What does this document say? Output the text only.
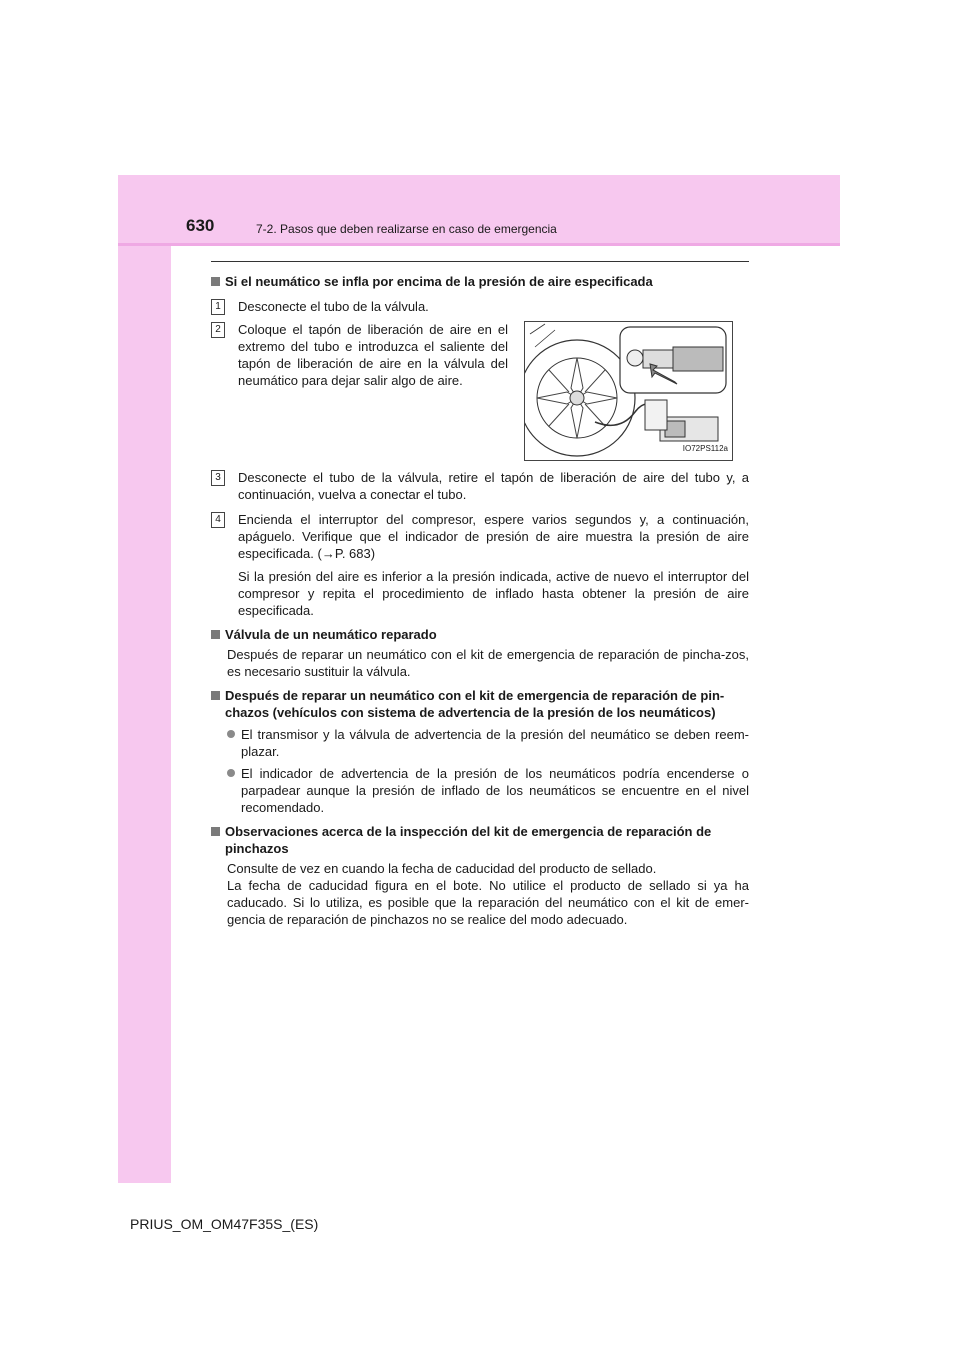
630	7-2. Pasos que deben realizarse en caso de emergencia
Si el neumático se infla por encima de la presión de aire especificada
1	Desconecte el tubo de la válvula.
2	Coloque el tapón de liberación de aire en el extremo del tubo e introduzca el saliente del tapón de liberación de aire en la válvula del neumático para dejar salir algo de aire.
IO72PS112a
3	Desconecte el tubo de la válvula, retire el tapón de liberación de aire del tubo y, a continuación, vuelva a conectar el tubo.
4	Encienda el interruptor del compresor, espere varios segundos y, a continuación, apáguelo. Verifique que el indicador de presión de aire muestra la presión de aire especificada. (→P. 683)
Si la presión del aire es inferior a la presión indicada, active de nuevo el interruptor del compresor y repita el procedimiento de inflado hasta obtener la presión de aire especificada.
Válvula de un neumático reparado
Después de reparar un neumático con el kit de emergencia de reparación de pincha-zos, es necesario sustituir la válvula.
Después de reparar un neumático con el kit de emergencia de reparación de pin-chazos (vehículos con sistema de advertencia de la presión de los neumáticos)
El transmisor y la válvula de advertencia de la presión del neumático se deben reem-plazar.
El indicador de advertencia de la presión de los neumáticos podría encenderse o parpadear aunque la presión de inflado de los neumáticos se encuentre en el nivel recomendado.
Observaciones acerca de la inspección del kit de emergencia de reparación de pinchazos
Consulte de vez en cuando la fecha de caducidad del producto de sellado.
La fecha de caducidad figura en el bote. No utilice el producto de sellado si ya ha caducado. Si lo utiliza, es posible que la reparación del neumático con el kit de emer-gencia de reparación de pinchazos no se realice del modo adecuado.
PRIUS_OM_OM47F35S_(ES)
